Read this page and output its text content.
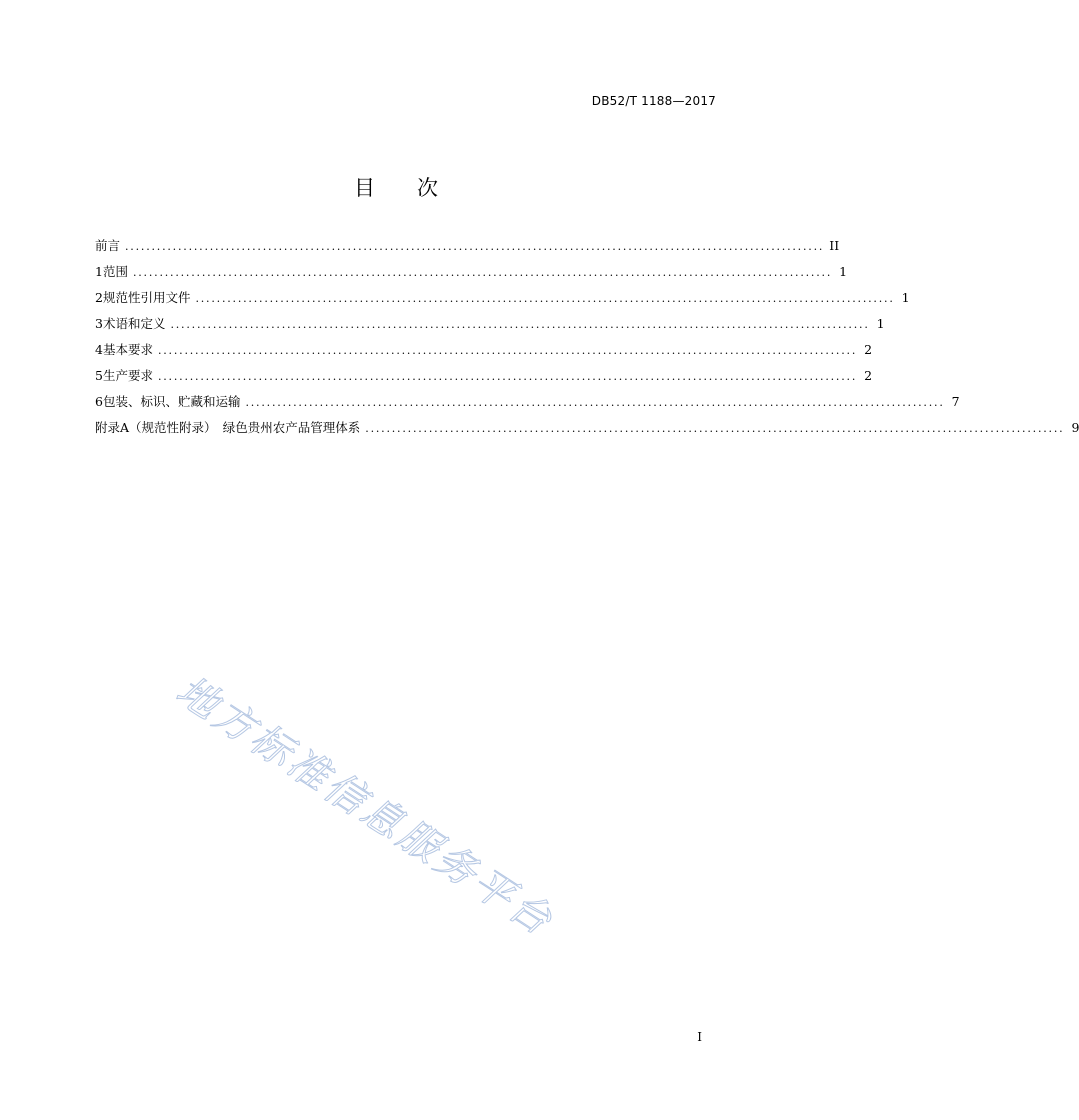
DB52/T 1188—2017
目次
前言 .................................................................................................................................... II
1 范围 .................................................................................................................................... 1
2 规范性引用文件 .................................................................................................................................... 1
3 术语和定义 .................................................................................................................................... 1
4 基本要求 .................................................................................................................................... 2
5 生产要求 .................................................................................................................................... 2
6 包装、标识、贮藏和运输 .................................................................................................................................... 7
附录A（规范性附录）　绿色贵州农产品管理体系 .................................................................................................................................... 9
地方标准信息服务平台
I
